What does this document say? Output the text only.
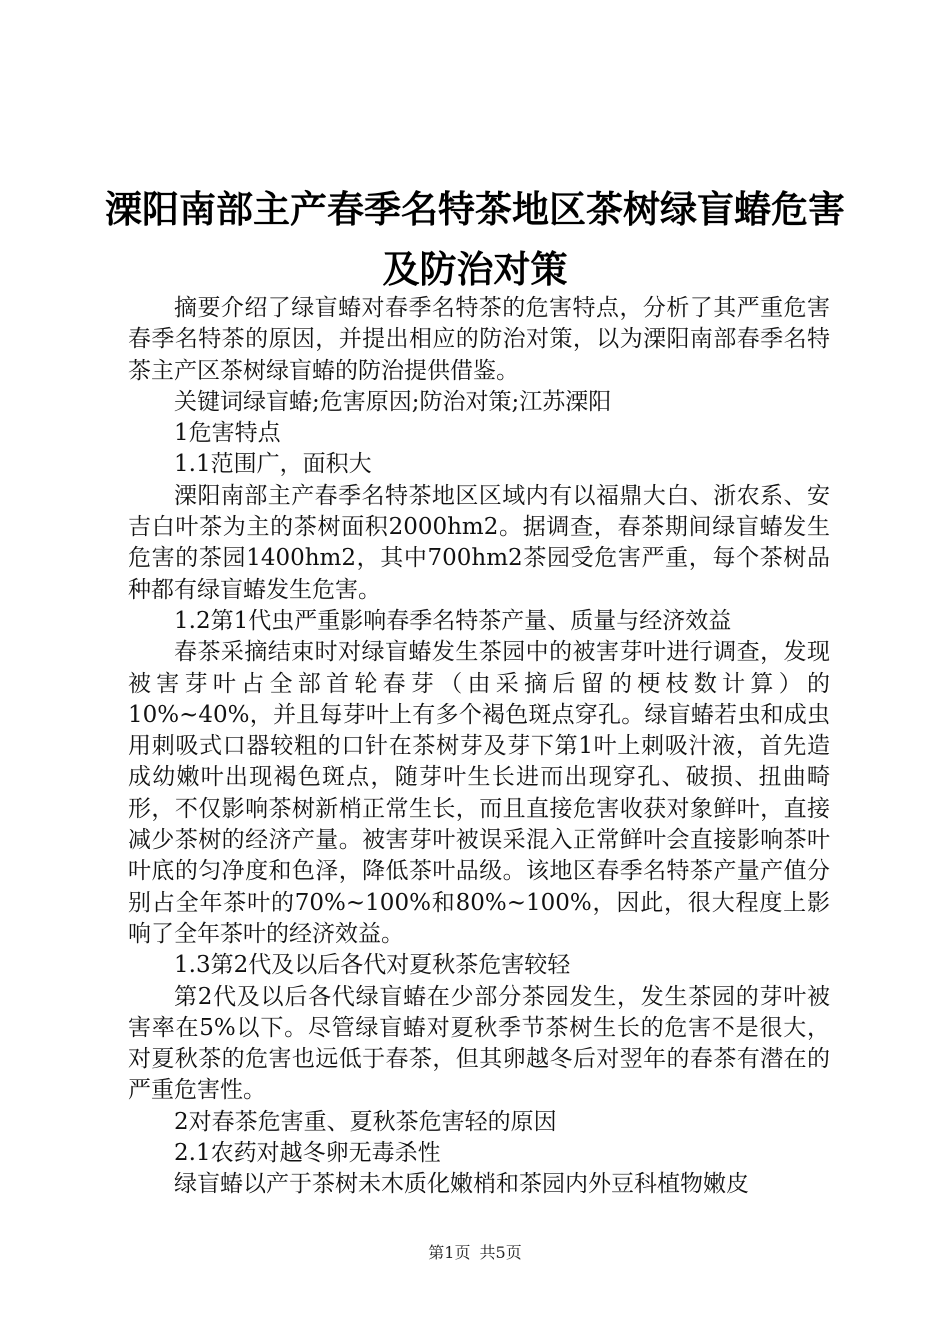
溧阳南部主产春季名特茶地区茶树绿盲蝽危害
及防治对策

摘要介绍了绿盲蝽对春季名特茶的危害特点，分析了其严重危害春季名特茶的原因，并提出相应的防治对策，以为溧阳南部春季名特茶主产区茶树绿盲蝽的防治提供借鉴。

关键词绿盲蝽;危害原因;防治对策;江苏溧阳

1危害特点

1.1范围广，面积大

溧阳南部主产春季名特茶地区区域内有以福鼎大白、浙农系、安吉白叶茶为主的茶树面积2000hm2。据调查，春茶期间绿盲蝽发生危害的茶园1400hm2，其中700hm2茶园受危害严重，每个茶树品种都有绿盲蝽发生危害。

1.2第1代虫严重影响春季名特茶产量、质量与经济效益

春茶采摘结束时对绿盲蝽发生茶园中的被害芽叶进行调查，发现被害芽叶占全部首轮春芽（由采摘后留的梗枝数计算）的10%~40%，并且每芽叶上有多个褐色斑点穿孔。绿盲蝽若虫和成虫用刺吸式口器较粗的口针在茶树芽及芽下第1叶上刺吸汁液，首先造成幼嫩叶出现褐色斑点，随芽叶生长进而出现穿孔、破损、扭曲畸形，不仅影响茶树新梢正常生长，而且直接危害收获对象鲜叶，直接减少茶树的经济产量。被害芽叶被误采混入正常鲜叶会直接影响茶叶叶底的匀净度和色泽，降低茶叶品级。该地区春季名特茶产量产值分别占全年茶叶的70%~100%和80%~100%，因此，很大程度上影响了全年茶叶的经济效益。

1.3第2代及以后各代对夏秋茶危害较轻

第2代及以后各代绿盲蝽在少部分茶园发生，发生茶园的芽叶被害率在5%以下。尽管绿盲蝽对夏秋季节茶树生长的危害不是很大，对夏秋茶的危害也远低于春茶，但其卵越冬后对翌年的春茶有潜在的严重危害性。

2对春茶危害重、夏秋茶危害轻的原因

2.1农药对越冬卵无毒杀性

绿盲蝽以产于茶树未木质化嫩梢和茶园内外豆科植物嫩皮

第1页 共5页
